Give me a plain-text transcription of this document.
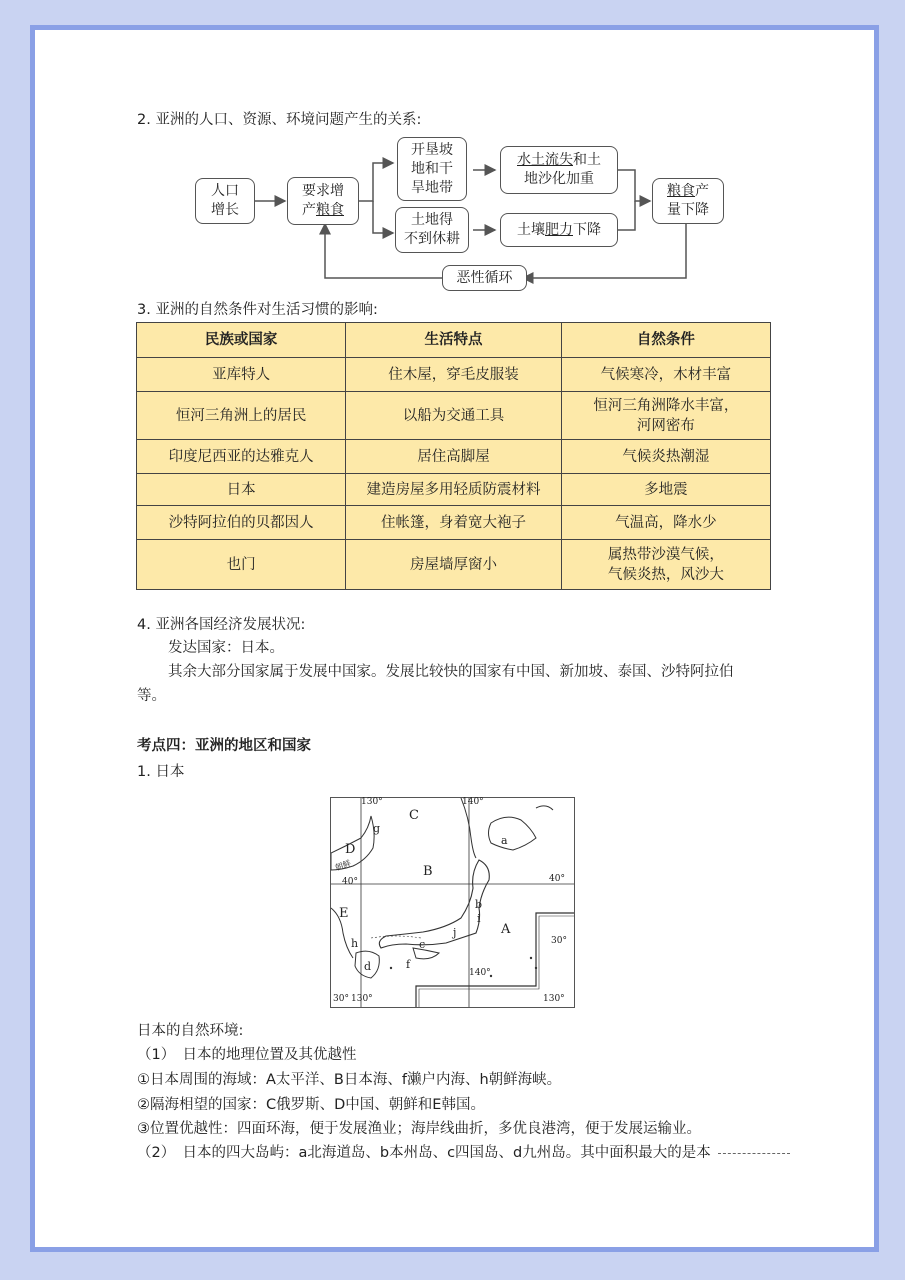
2. 亚洲的人口、资源、环境问题产生的关系:
人口
增长
要求增
产粮食
开垦坡
地和干
旱地带
水土流失和土
地沙化加重
土地得
不到休耕
土壤肥力下降
粮食产
量下降
恶性循环
3. 亚洲的自然条件对生活习惯的影响:
民族或国家	生活特点	自然条件
亚库特人	住木屋，穿毛皮服装	气候寒冷，木材丰富
恒河三角洲上的居民	以船为交通工具	恒河三角洲降水丰富，
河网密布

印度尼西亚的达雅克人	居住高脚屋	气候炎热潮湿
日本	建造房屋多用轻质防震材料	多地震
沙特阿拉伯的贝都因人	住帐篷，身着宽大袍子	气温高，降水少
也门	房屋墙厚窗小	属热带沙漠气候，
气候炎热，风沙大
4. 亚洲各国经济发展状况:
发达国家：日本。
其余大部分国家属于发展中国家。发展比较快的国家有中国、新加坡、泰国、沙特阿拉伯
等。
考点四：亚洲的地区和国家
1. 日本
130°	140°
40°	40°
30°
30° 130°
140°
130°
C
B
A
D
E
g
a
b
i
j
c
d	f
h
朝鲜
日本的自然环境:
（1）　日本的地理位置及其优越性
①日本周围的海域：A太平洋、B日本海、f濑户内海、h朝鲜海峡。
②隔海相望的国家：C俄罗斯、D中国、朝鲜和E韩国。
③位置优越性：四面环海，便于发展渔业；海岸线曲折，多优良港湾，便于发展运输业。
（2）　日本的四大岛屿：a北海道岛、b本州岛、c四国岛、d九州岛。其中面积最大的是本
